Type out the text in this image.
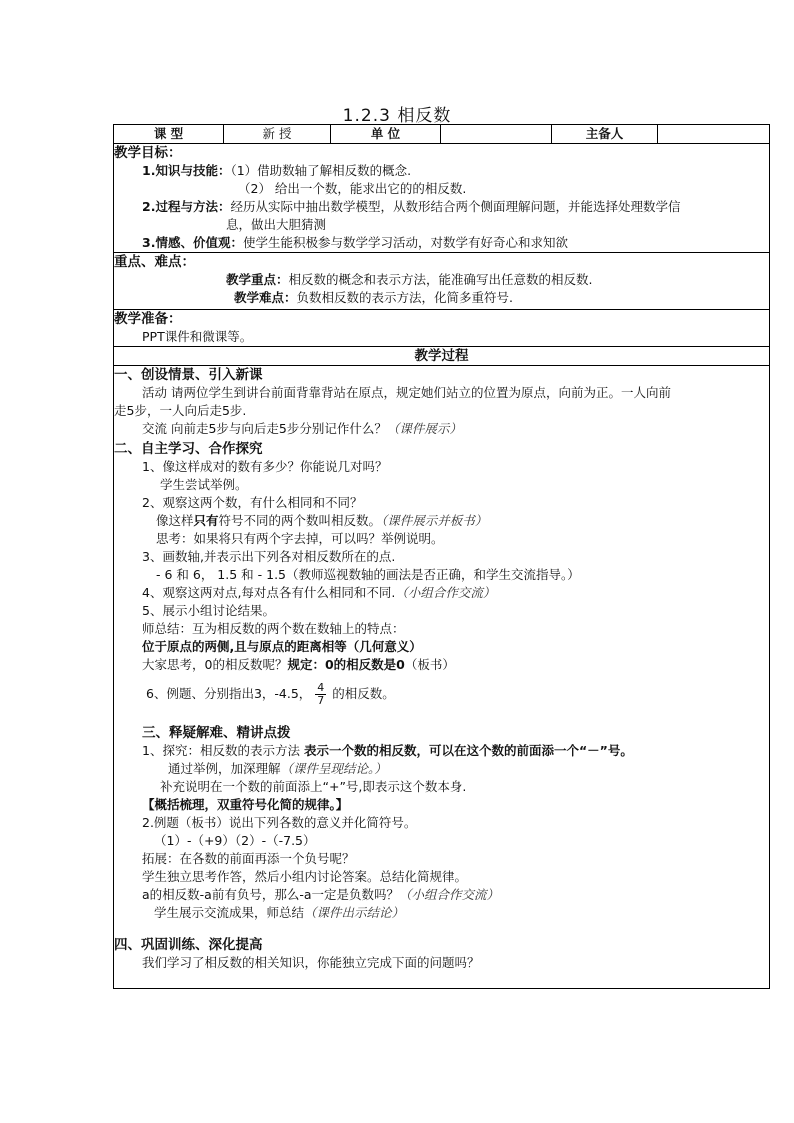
1.2.3 相反数
课 型	新 授	单 位		主备人	

教学目标：
1.知识与技能：（1）借助数轴了解相反数的概念.
（2） 给出一个数，能求出它的的相反数.
2.过程与方法：经历从实际中抽出数学模型，从数形结合两个侧面理解问题，并能选择处理数学信
息，做出大胆猜测
3.情感、价值观：使学生能积极参与数学学习活动，对数学有好奇心和求知欲

重点、难点：
教学重点：相反数的概念和表示方法，能准确写出任意数的相反数.
教学难点：负数相反数的表示方法，化简多重符号.

教学准备：
PPT课件和微课等。

教学过程

一、创设情景、引入新课
活动 请两位学生到讲台前面背靠背站在原点，规定她们站立的位置为原点，向前为正。一人向前
走5步，一人向后走5步.
交流 向前走5步与向后走5步分别记作什么？（课件展示）
二、自主学习、合作探究
1、像这样成对的数有多少？你能说几对吗？
学生尝试举例。
2、观察这两个数，有什么相同和不同？
像这样只有符号不同的两个数叫相反数。（课件展示并板书）
思考：如果将只有两个字去掉，可以吗？举例说明。
3、画数轴,并表示出下列各对相反数所在的点.
- 6 和 6， 1.5 和 - 1.5（教师巡视数轴的画法是否正确，和学生交流指导。）
4、观察这两对点,每对点各有什么相同和不同.（小组合作交流）
5、展示小组讨论结果。
师总结：互为相反数的两个数在数轴上的特点：
位于原点的两侧,且与原点的距离相等（几何意义）
大家思考，0的相反数呢？规定：0的相反数是0（板书）
6、例题、分别指出3，-4.5， $\frac{4}{7}$ 的相反数。
三、释疑解难、精讲点拨
1、探究：相反数的表示方法 表示一个数的相反数，可以在这个数的前面添一个“－”号。
通过举例，加深理解（课件呈现结论。）
补充说明在一个数的前面添上“+”号,即表示这个数本身.
【概括梳理，双重符号化简的规律。】
2.例题（板书）说出下列各数的意义并化简符号。
（1）-（+9）（2）-（-7.5）
拓展：在各数的前面再添一个负号呢？
学生独立思考作答，然后小组内讨论答案。总结化简规律。
a的相反数-a前有负号，那么-a一定是负数吗？（小组合作交流）
学生展示交流成果，师总结（课件出示结论）
四、巩固训练、深化提高
我们学习了相反数的相关知识，你能独立完成下面的问题吗？
